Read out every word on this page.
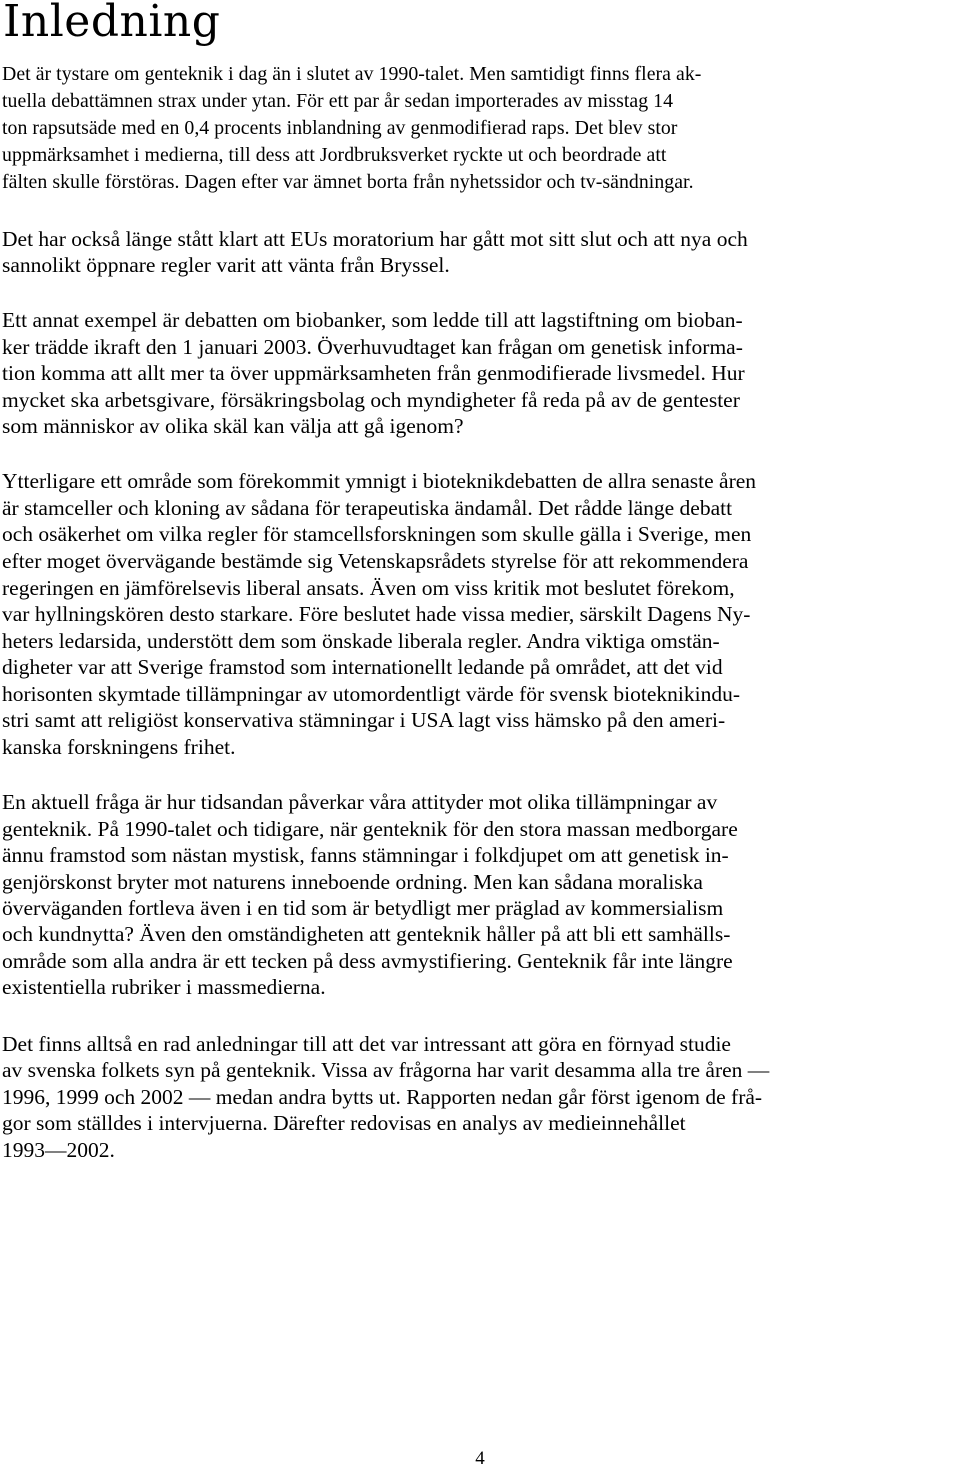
Inledning
Det är tystare om genteknik i dag än i slutet av 1990-talet. Men samtidigt finns flera ak-
tuella debattämnen strax under ytan. För ett par år sedan importerades av misstag 14
ton rapsutsäde med en 0,4 procents inblandning av genmodifierad raps. Det blev stor
uppmärksamhet i medierna, till dess att Jordbruksverket ryckte ut och beordrade att
fälten skulle förstöras. Dagen efter var ämnet borta från nyhetssidor och tv-sändningar.
Det har också länge stått klart att EUs moratorium har gått mot sitt slut och att nya och
sannolikt öppnare regler varit att vänta från Bryssel.
Ett annat exempel är debatten om biobanker, som ledde till att lagstiftning om bioban-
ker trädde ikraft den 1 januari 2003. Överhuvudtaget kan frågan om genetisk informa-
tion komma att allt mer ta över uppmärksamheten från genmodifierade livsmedel. Hur
mycket ska arbetsgivare, försäkringsbolag och myndigheter få reda på av de gentester
som människor av olika skäl kan välja att gå igenom?
Ytterligare ett område som förekommit ymnigt i bioteknikdebatten de allra senaste åren
är stamceller och kloning av sådana för terapeutiska ändamål. Det rådde länge debatt
och osäkerhet om vilka regler för stamcellsforskningen som skulle gälla i Sverige, men
efter moget övervägande bestämde sig Vetenskapsrådets styrelse för att rekommendera
regeringen en jämförelsevis liberal ansats. Även om viss kritik mot beslutet förekom,
var hyllningskören desto starkare. Före beslutet hade vissa medier, särskilt Dagens Ny-
heters ledarsida, understött dem som önskade liberala regler. Andra viktiga omstän-
digheter var att Sverige framstod som internationellt ledande på området, att det vid
horisonten skymtade tillämpningar av utomordentligt värde för svensk bioteknikindu-
stri samt att religiöst konservativa stämningar i USA lagt viss hämsko på den ameri-
kanska forskningens frihet.
En aktuell fråga är hur tidsandan påverkar våra attityder mot olika tillämpningar av
genteknik. På 1990-talet och tidigare, när genteknik för den stora massan medborgare
ännu framstod som nästan mystisk, fanns stämningar i folkdjupet om att genetisk in-
genjörskonst bryter mot naturens inneboende ordning. Men kan sådana moraliska
överväganden fortleva även i en tid som är betydligt mer präglad av kommersialism
och kundnytta? Även den omständigheten att genteknik håller på att bli ett samhälls-
område som alla andra är ett tecken på dess avmystifiering. Genteknik får inte längre
existentiella rubriker i massmedierna.
Det finns alltså en rad anledningar till att det var intressant att göra en förnyad studie
av svenska folkets syn på genteknik. Vissa av frågorna har varit desamma alla tre åren —
1996, 1999 och 2002 — medan andra bytts ut. Rapporten nedan går först igenom de frå-
gor som ställdes i intervjuerna. Därefter redovisas en analys av medieinnehållet
1993—2002.
4
